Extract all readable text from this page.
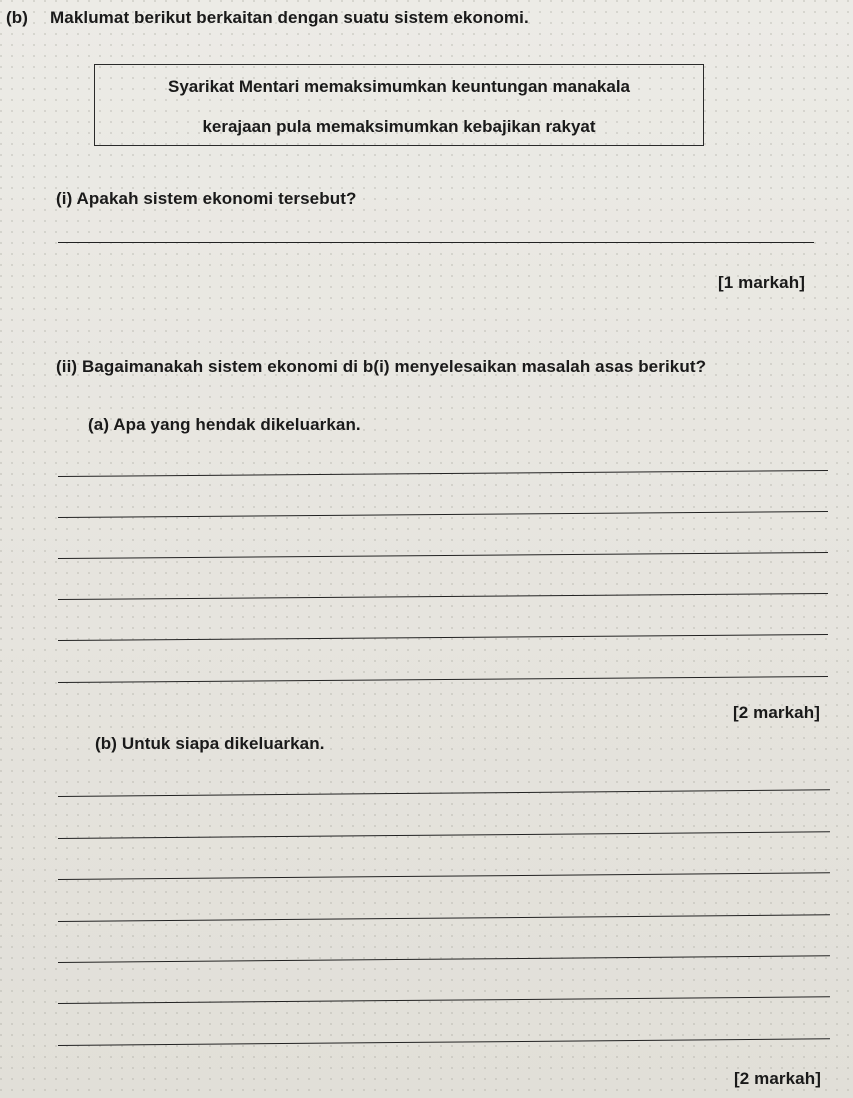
(b) Maklumat berikut berkaitan dengan suatu sistem ekonomi.
Syarikat Mentari memaksimumkan keuntungan manakala
kerajaan pula memaksimumkan kebajikan rakyat
(i) Apakah sistem ekonomi tersebut?
[1 markah]
(ii) Bagaimanakah sistem ekonomi di b(i) menyelesaikan masalah asas berikut?
(a) Apa yang hendak dikeluarkan.
[2 markah]
(b) Untuk siapa dikeluarkan.
[2 markah]
